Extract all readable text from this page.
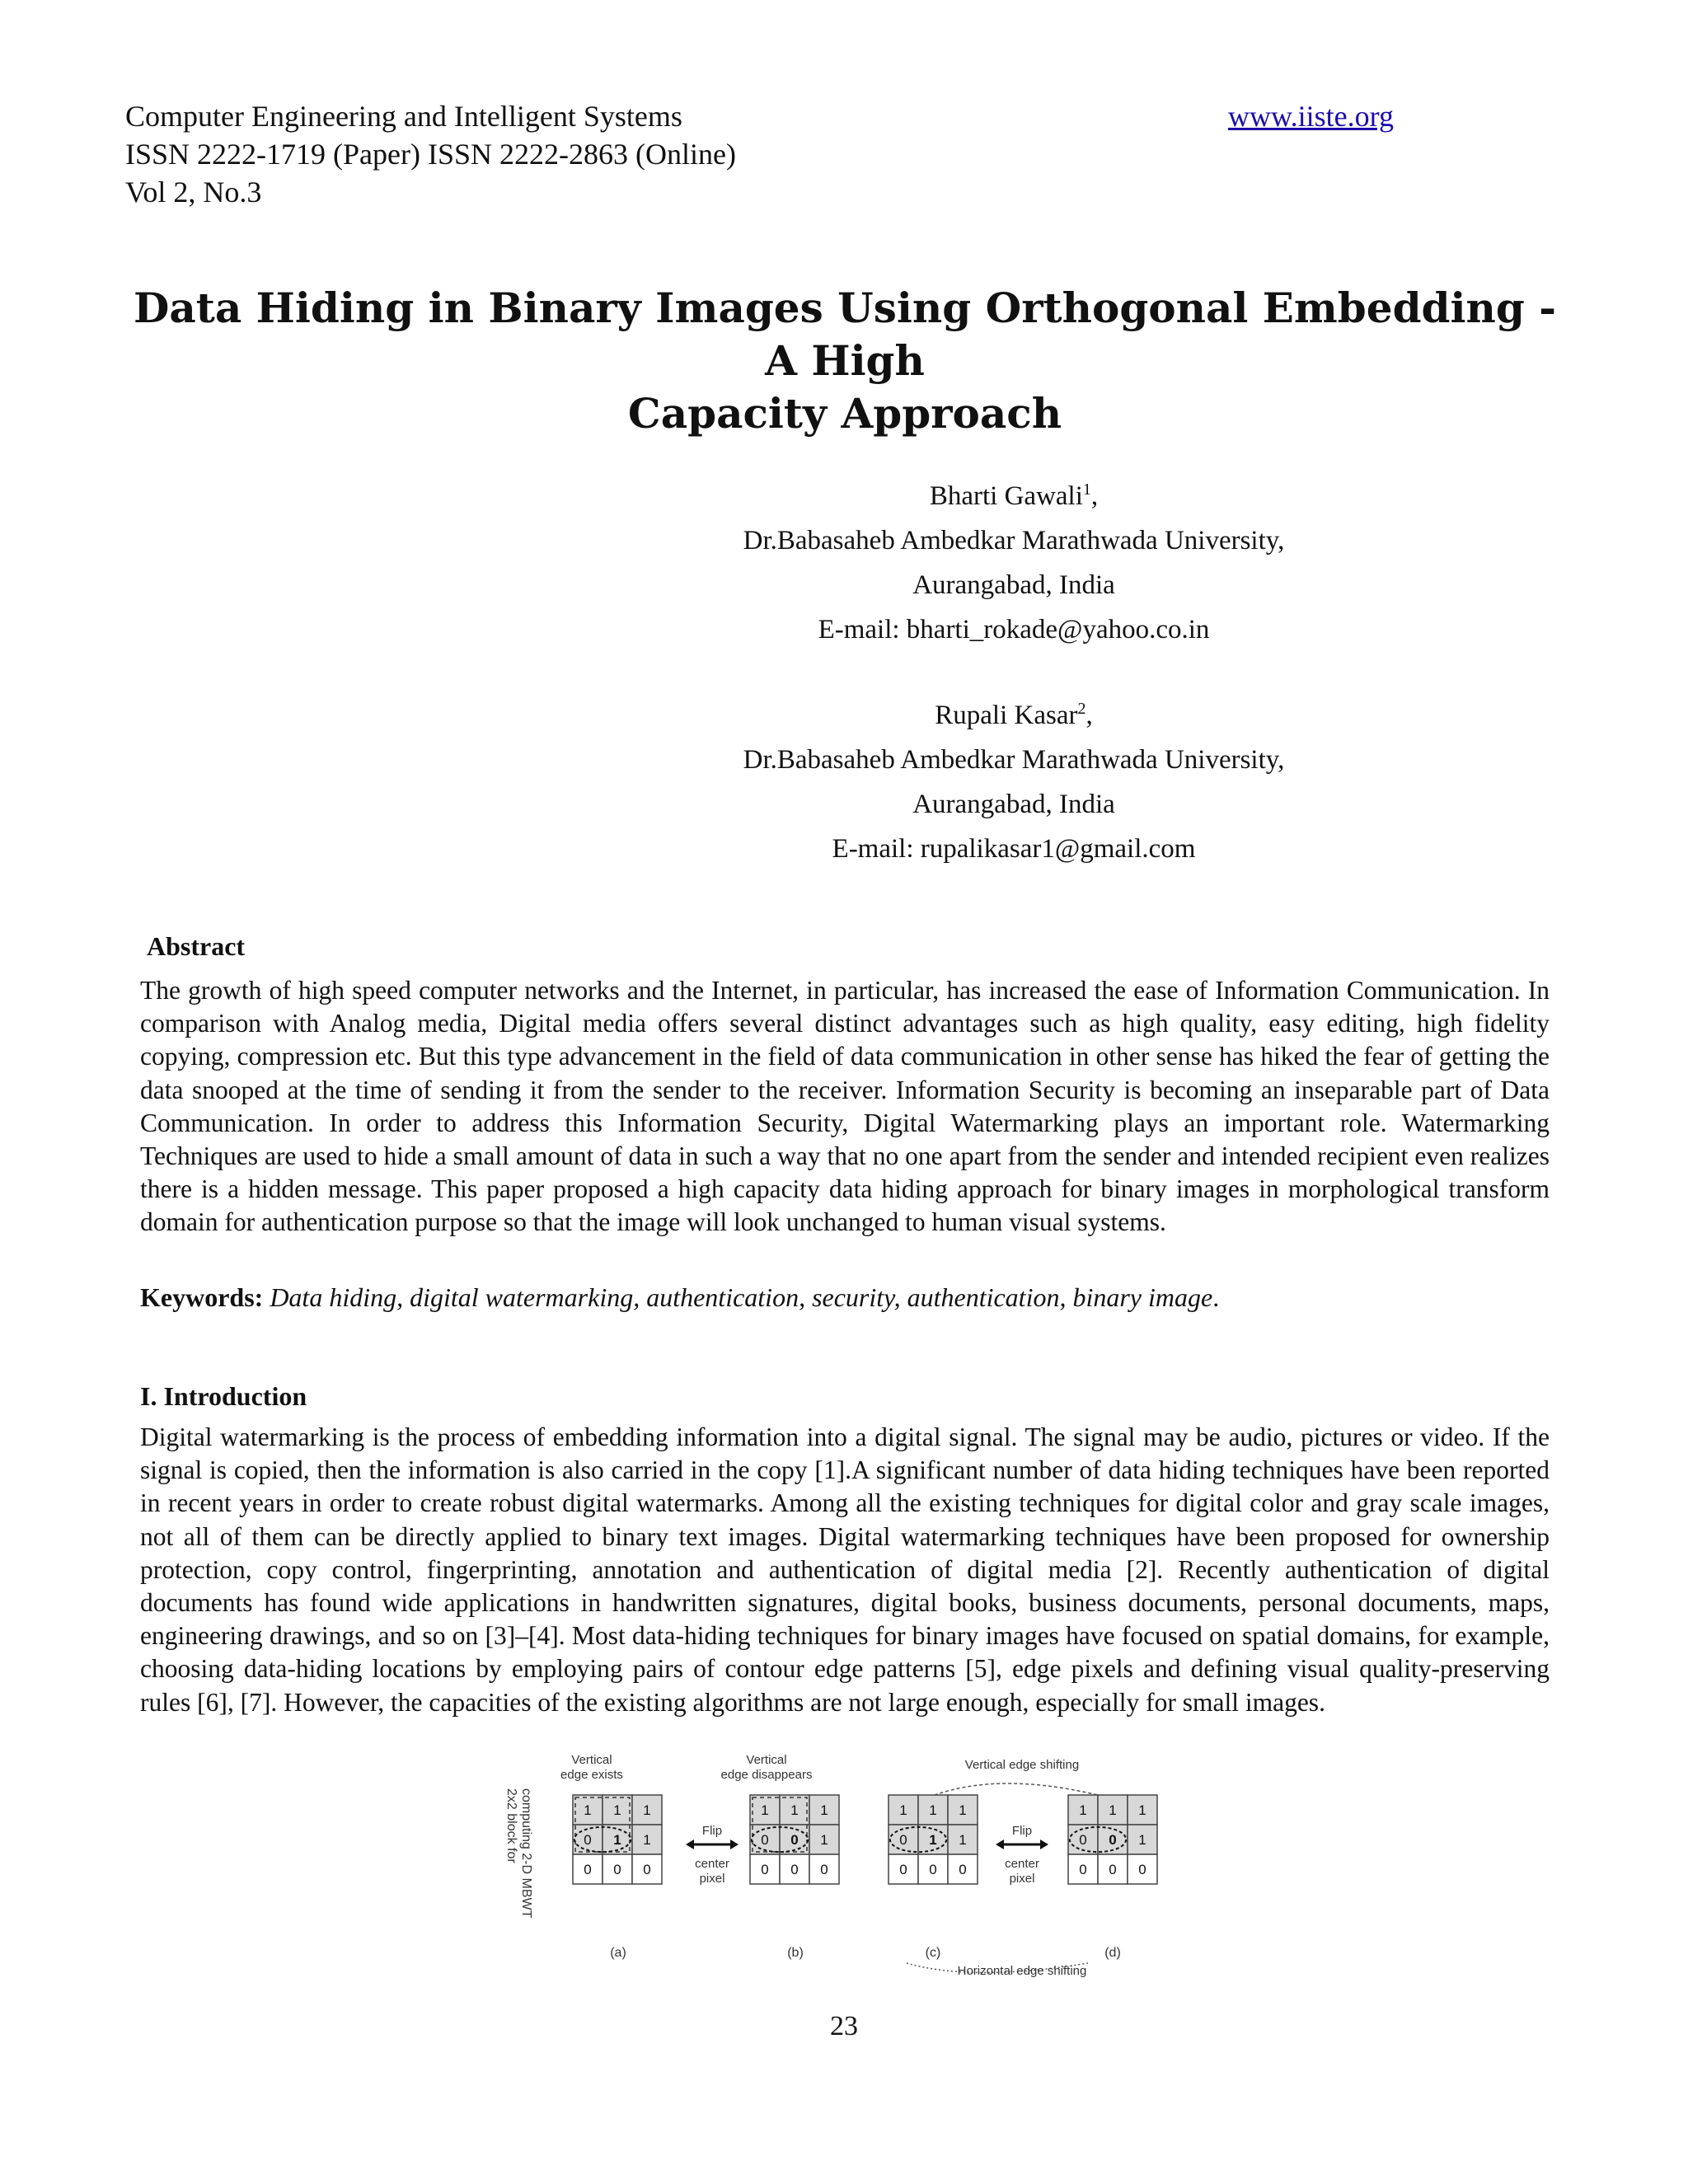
Computer Engineering and Intelligent Systems
ISSN 2222-1719 (Paper) ISSN 2222-2863 (Online)
Vol 2, No.3
www.iiste.org
Data Hiding in Binary Images Using Orthogonal Embedding - A High
Capacity Approach
Bharti Gawali$^1$,
Dr.Babasaheb Ambedkar Marathwada University,
Aurangabad, India
E-mail: bharti_rokade@yahoo.co.in
Rupali Kasar$^2$,
Dr.Babasaheb Ambedkar Marathwada University,
Aurangabad, India
E-mail: rupalikasar1@gmail.com
Abstract
The growth of high speed computer networks and the Internet, in particular, has increased the ease of Information Communication. In comparison with Analog media, Digital media offers several distinct advantages such as high quality, easy editing, high fidelity copying, compression etc. But this type advancement in the field of data communication in other sense has hiked the fear of getting the data snooped at the time of sending it from the sender to the receiver. Information Security is becoming an inseparable part of Data Communication. In order to address this Information Security, Digital Watermarking plays an important role. Watermarking Techniques are used to hide a small amount of data in such a way that no one apart from the sender and intended recipient even realizes there is a hidden message. This paper proposed a high capacity data hiding approach for binary images in morphological transform domain for authentication purpose so that the image will look unchanged to human visual systems.
Keywords: Data hiding, digital watermarking, authentication, security, authentication, binary image.
I. Introduction
Digital watermarking is the process of embedding information into a digital signal. The signal may be audio, pictures or video. If the signal is copied, then the information is also carried in the copy [1].A significant number of data hiding techniques have been reported in recent years in order to create robust digital watermarks. Among all the existing techniques for digital color and gray scale images, not all of them can be directly applied to binary text images. Digital watermarking techniques have been proposed for ownership protection, copy control, fingerprinting, annotation and authentication of digital media [2]. Recently authentication of digital documents has found wide applications in handwritten signatures, digital books, business documents, personal documents, maps, engineering drawings, and so on [3]–[4]. Most data-hiding techniques for binary images have focused on spatial domains, for example, choosing data-hiding locations by employing pairs of contour edge patterns [5], edge pixels and defining visual quality-preserving rules [6], [7]. However, the capacities of the existing algorithms are not large enough, especially for small images.
computing 2-D MBWT
2x2 block for
Vertical
edge exists
Vertical
edge disappears
Vertical edge shifting
1 1 1
0 1 1
0 0 0
1 1 1
0 0 1
0 0 0
1 1 1
0 1 1
0 0 0
1 1 1
0 0 1
0 0 0
Flip
center
pixel
Flip
center
pixel
(a)	(b)	(c)	(d)
Horizontal edge shifting
23
